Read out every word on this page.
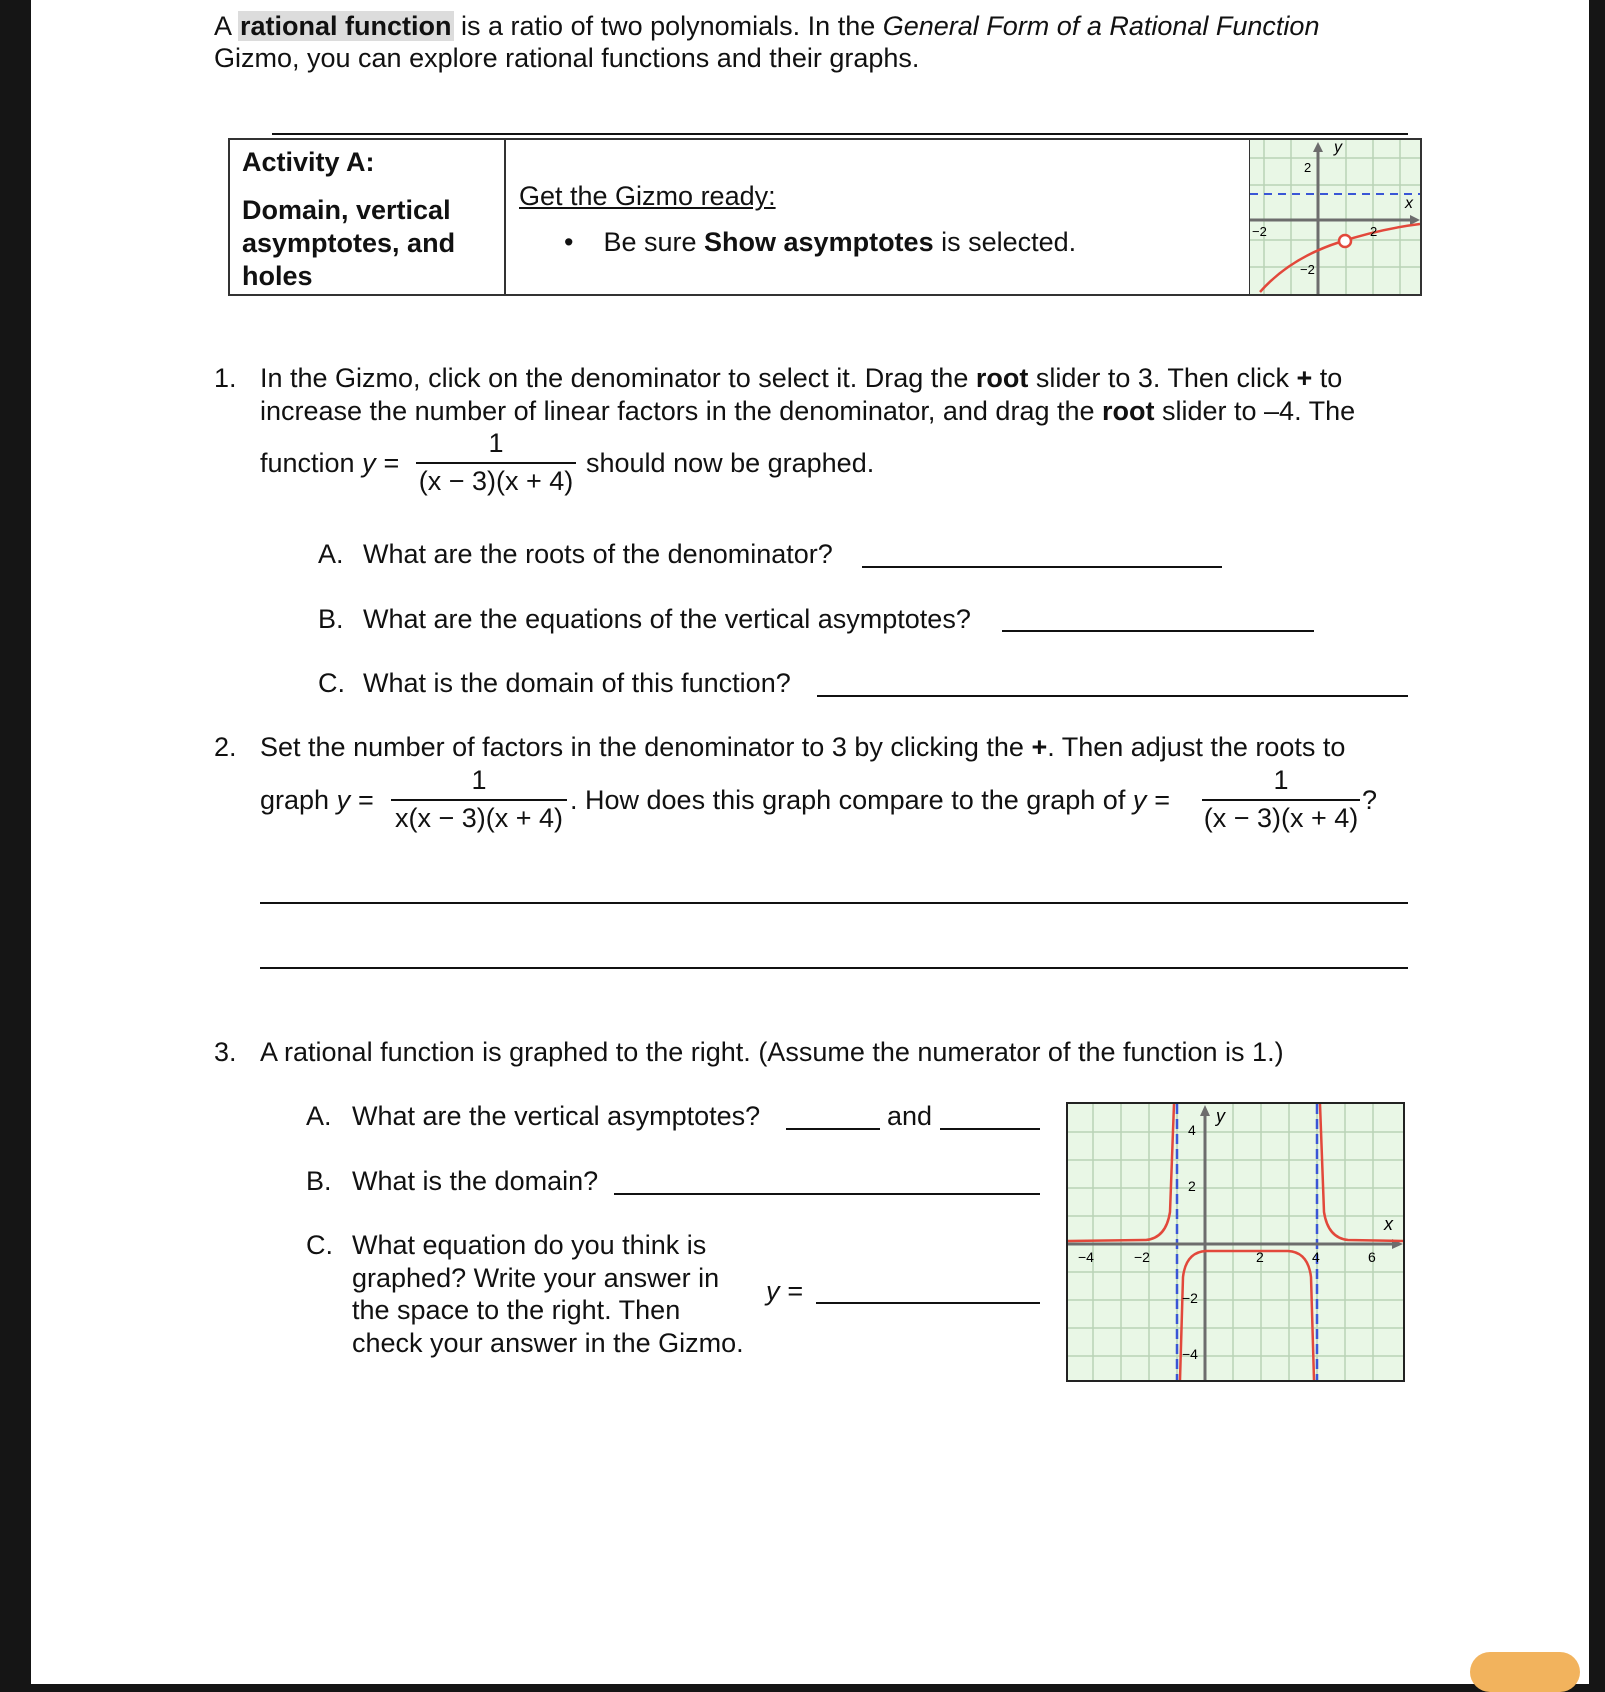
A rational function is a ratio of two polynomials. In the General Form of a Rational Function
Gizmo, you can explore rational functions and their graphs.
Activity A:
Domain, vertical
asymptotes, and
holes
Get the Gizmo ready:
•    Be sure Show asymptotes is selected.
y
x
2
−2
−2	2
1. In the Gizmo, click on the denominator to select it. Drag the root slider to 3. Then click + to
increase the number of linear factors in the denominator, and drag the root slider to –4. The
function y =
1
(x − 3)(x + 4)
should now be graphed.
A. What are the roots of the denominator?
B. What are the equations of the vertical asymptotes?
C. What is the domain of this function?
2. Set the number of factors in the denominator to 3 by clicking the +. Then adjust the roots to
graph y =
1
x(x − 3)(x + 4)
. How does this graph compare to the graph of y =
1
(x − 3)(x + 4)
?
3. A rational function is graphed to the right. (Assume the numerator of the function is 1.)
A. What are the vertical asymptotes?	and
B. What is the domain?
C. What equation do you think is
graphed? Write your answer in
the space to the right. Then
check your answer in the Gizmo.
y =
y
x
−4	−2	2	4	6
4
2
−2
−4
